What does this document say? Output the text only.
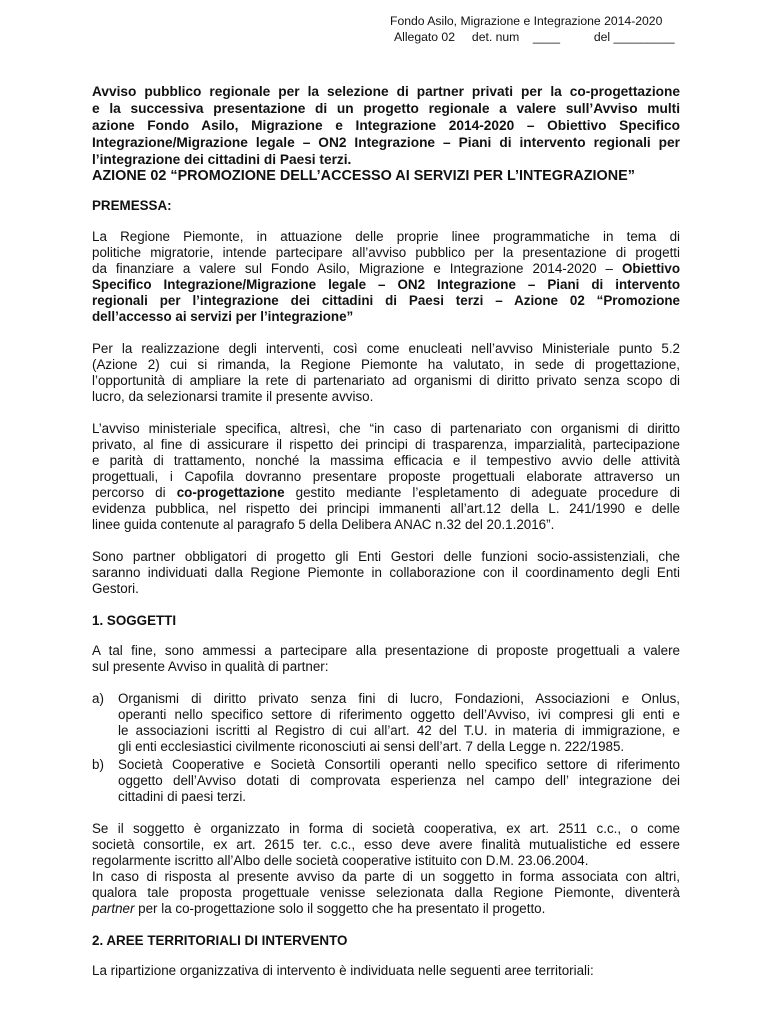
Fondo Asilo, Migrazione e Integrazione 2014-2020
Allegato 02     det. num    ____          del _________
Avviso pubblico regionale per la selezione di partner privati per la co-progettazione
e la successiva presentazione di un progetto regionale a valere sull’Avviso multi
azione Fondo Asilo, Migrazione e Integrazione 2014-2020 – Obiettivo Specifico
Integrazione/Migrazione legale – ON2 Integrazione – Piani di intervento regionali per
l’integrazione dei cittadini di Paesi terzi.
AZIONE 02 “PROMOZIONE DELL’ACCESSO AI SERVIZI PER L’INTEGRAZIONE”
PREMESSA:
La Regione Piemonte, in attuazione delle proprie linee programmatiche in tema di
politiche migratorie, intende partecipare all’avviso pubblico per la presentazione di progetti
da finanziare a valere sul Fondo Asilo, Migrazione e Integrazione 2014-2020 – Obiettivo
Specifico Integrazione/Migrazione legale – ON2 Integrazione – Piani di intervento
regionali per l’integrazione dei cittadini di Paesi terzi – Azione 02 “Promozione
dell’accesso ai servizi per l’integrazione”
Per la realizzazione degli interventi, così come enucleati nell’avviso Ministeriale punto 5.2
(Azione 2) cui si rimanda, la Regione Piemonte ha valutato, in sede di progettazione,
l’opportunità di ampliare la rete di partenariato ad organismi di diritto privato senza scopo di
lucro, da selezionarsi tramite il presente avviso.
L’avviso ministeriale specifica, altresì, che “in caso di partenariato con organismi di diritto
privato, al fine di assicurare il rispetto dei principi di trasparenza, imparzialità, partecipazione
e parità di trattamento, nonché la massima efficacia e il tempestivo avvio delle attività
progettuali, i Capofila dovranno presentare proposte progettuali elaborate attraverso un
percorso di co-progettazione gestito mediante l’espletamento di adeguate procedure di
evidenza pubblica, nel rispetto dei principi immanenti all’art.12 della L. 241/1990 e delle
linee guida contenute al paragrafo 5 della Delibera ANAC n.32 del 20.1.2016”.
Sono partner obbligatori di progetto gli Enti Gestori delle funzioni socio-assistenziali, che
saranno individuati dalla Regione Piemonte in collaborazione con il coordinamento degli Enti
Gestori.
1. SOGGETTI
A tal fine, sono ammessi a partecipare alla presentazione di proposte progettuali a valere
sul presente Avviso in qualità di partner:
a) Organismi di diritto privato senza fini di lucro, Fondazioni, Associazioni e Onlus,
operanti nello specifico settore di riferimento oggetto dell’Avviso, ivi compresi gli enti e
le associazioni iscritti al Registro di cui all’art. 42 del T.U. in materia di immigrazione, e
gli enti ecclesiastici civilmente riconosciuti ai sensi dell’art. 7 della Legge n. 222/1985.
b) Società Cooperative e Società Consortili operanti nello specifico settore di riferimento
oggetto dell’Avviso dotati di comprovata esperienza nel campo dell’ integrazione dei
cittadini di paesi terzi.
Se il soggetto è organizzato in forma di società cooperativa, ex art. 2511 c.c., o come
società consortile, ex art. 2615 ter. c.c., esso deve avere finalità mutualistiche ed essere
regolarmente iscritto all’Albo delle società cooperative istituito con D.M. 23.06.2004.
In caso di risposta al presente avviso da parte di un soggetto in forma associata con altri,
qualora tale proposta progettuale venisse selezionata dalla Regione Piemonte, diventerà
partner per la co-progettazione solo il soggetto che ha presentato il progetto.
2. AREE TERRITORIALI DI INTERVENTO
La ripartizione organizzativa di intervento è individuata nelle seguenti aree territoriali:
